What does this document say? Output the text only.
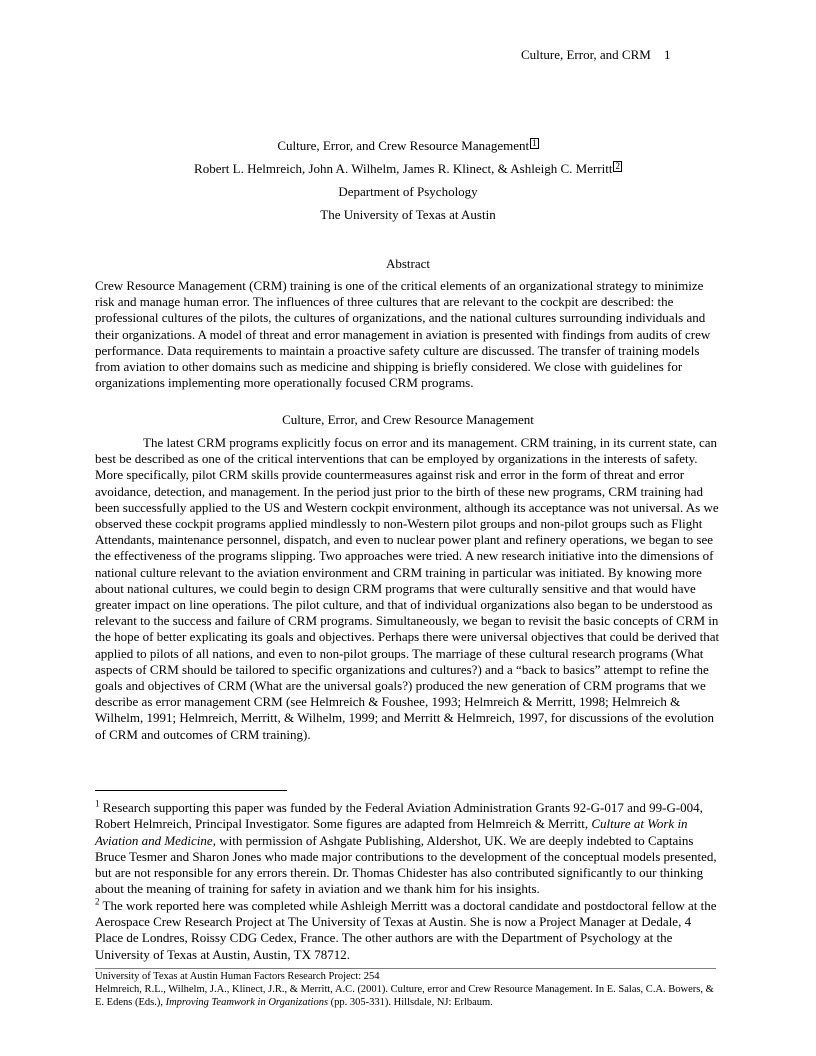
Culture, Error, and CRM 1
Culture, Error, and Crew Resource Management 1
Robert L. Helmreich, John A. Wilhelm, James R. Klinect, & Ashleigh C. Merritt 2
Department of Psychology
The University of Texas at Austin
Abstract

Crew Resource Management (CRM) training is one of the critical elements of an organizational strategy to minimize risk and manage human error. The influences of three cultures that are relevant to the cockpit are described: the professional cultures of the pilots, the cultures of organizations, and the national cultures surrounding individuals and their organizations. A model of threat and error management in aviation is presented with findings from audits of crew performance. Data requirements to maintain a proactive safety culture are discussed. The transfer of training models from aviation to other domains such as medicine and shipping is briefly considered. We close with guidelines for organizations implementing more operationally focused CRM programs.

Culture, Error, and Crew Resource Management

The latest CRM programs explicitly focus on error and its management. CRM training, in its current state, can best be described as one of the critical interventions that can be employed by organizations in the interests of safety. More specifically, pilot CRM skills provide countermeasures against risk and error in the form of threat and error avoidance, detection, and management. In the period just prior to the birth of these new programs, CRM training had been successfully applied to the US and Western cockpit environment, although its acceptance was not universal. As we observed these cockpit programs applied mindlessly to non-Western pilot groups and non-pilot groups such as Flight Attendants, maintenance personnel, dispatch, and even to nuclear power plant and refinery operations, we began to see the effectiveness of the programs slipping. Two approaches were tried. A new research initiative into the dimensions of national culture relevant to the aviation environment and CRM training in particular was initiated. By knowing more about national cultures, we could begin to design CRM programs that were culturally sensitive and that would have greater impact on line operations. The pilot culture, and that of individual organizations also began to be understood as relevant to the success and failure of CRM programs. Simultaneously, we began to revisit the basic concepts of CRM in the hope of better explicating its goals and objectives. Perhaps there were universal objectives that could be derived that applied to pilots of all nations, and even to non-pilot groups. The marriage of these cultural research programs (What aspects of CRM should be tailored to specific organizations and cultures?) and a “back to basics” attempt to refine the goals and objectives of CRM (What are the universal goals?) produced the new generation of CRM programs that we describe as error management CRM (see Helmreich & Foushee, 1993; Helmreich & Merritt, 1998; Helmreich & Wilhelm, 1991; Helmreich, Merritt, & Wilhelm, 1999; and Merritt & Helmreich, 1997, for discussions of the evolution of CRM and outcomes of CRM training).

$^1$ Research supporting this paper was funded by the Federal Aviation Administration Grants 92-G-017 and 99-G-004, Robert Helmreich, Principal Investigator. Some figures are adapted from Helmreich & Merritt, Culture at Work in Aviation and Medicine, with permission of Ashgate Publishing, Aldershot, UK. We are deeply indebted to Captains Bruce Tesmer and Sharon Jones who made major contributions to the development of the conceptual models presented, but are not responsible for any errors therein. Dr. Thomas Chidester has also contributed significantly to our thinking about the meaning of training for safety in aviation and we thank him for his insights.

$^2$ The work reported here was completed while Ashleigh Merritt was a doctoral candidate and postdoctoral fellow at the Aerospace Crew Research Project at The University of Texas at Austin. She is now a Project Manager at Dedale, 4 Place de Londres, Roissy CDG Cedex, France. The other authors are with the Department of Psychology at the University of Texas at Austin, Austin, TX 78712.

University of Texas at Austin Human Factors Research Project: 254

Helmreich, R.L., Wilhelm, J.A., Klinect, J.R., & Merritt, A.C. (2001). Culture, error and Crew Resource Management. In E. Salas, C.A. Bowers, & E. Edens (Eds.), Improving Teamwork in Organizations (pp. 305-331). Hillsdale, NJ: Erlbaum.
